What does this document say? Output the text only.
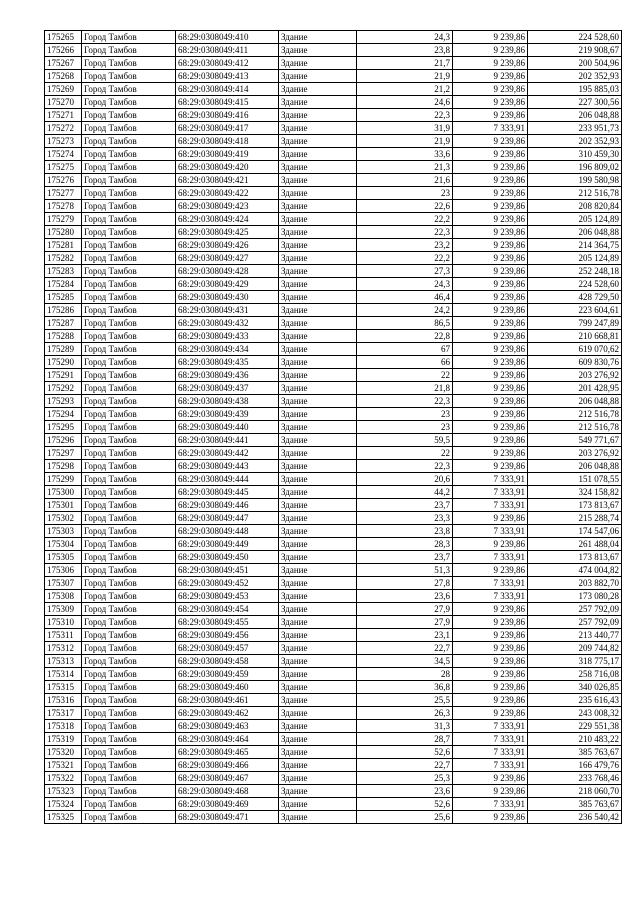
175265	Город Тамбов	68:29:0308049:410	Здание	24,3	9 239,86	224 528,60
175266	Город Тамбов	68:29:0308049:411	Здание	23,8	9 239,86	219 908,67
175267	Город Тамбов	68:29:0308049:412	Здание	21,7	9 239,86	200 504,96
175268	Город Тамбов	68:29:0308049:413	Здание	21,9	9 239,86	202 352,93
175269	Город Тамбов	68:29:0308049:414	Здание	21,2	9 239,86	195 885,03
175270	Город Тамбов	68:29:0308049:415	Здание	24,6	9 239,86	227 300,56
175271	Город Тамбов	68:29:0308049:416	Здание	22,3	9 239,86	206 048,88
175272	Город Тамбов	68:29:0308049:417	Здание	31,9	7 333,91	233 951,73
175273	Город Тамбов	68:29:0308049:418	Здание	21,9	9 239,86	202 352,93
175274	Город Тамбов	68:29:0308049:419	Здание	33,6	9 239,86	310 459,30
175275	Город Тамбов	68:29:0308049:420	Здание	21,3	9 239,86	196 809,02
175276	Город Тамбов	68:29:0308049:421	Здание	21,6	9 239,86	199 580,98
175277	Город Тамбов	68:29:0308049:422	Здание	23	9 239,86	212 516,78
175278	Город Тамбов	68:29:0308049:423	Здание	22,6	9 239,86	208 820,84
175279	Город Тамбов	68:29:0308049:424	Здание	22,2	9 239,86	205 124,89
175280	Город Тамбов	68:29:0308049:425	Здание	22,3	9 239,86	206 048,88
175281	Город Тамбов	68:29:0308049:426	Здание	23,2	9 239,86	214 364,75
175282	Город Тамбов	68:29:0308049:427	Здание	22,2	9 239,86	205 124,89
175283	Город Тамбов	68:29:0308049:428	Здание	27,3	9 239,86	252 248,18
175284	Город Тамбов	68:29:0308049:429	Здание	24,3	9 239,86	224 528,60
175285	Город Тамбов	68:29:0308049:430	Здание	46,4	9 239,86	428 729,50
175286	Город Тамбов	68:29:0308049:431	Здание	24,2	9 239,86	223 604,61
175287	Город Тамбов	68:29:0308049:432	Здание	86,5	9 239,86	799 247,89
175288	Город Тамбов	68:29:0308049:433	Здание	22,8	9 239,86	210 668,81
175289	Город Тамбов	68:29:0308049:434	Здание	67	9 239,86	619 070,62
175290	Город Тамбов	68:29:0308049:435	Здание	66	9 239,86	609 830,76
175291	Город Тамбов	68:29:0308049:436	Здание	22	9 239,86	203 276,92
175292	Город Тамбов	68:29:0308049:437	Здание	21,8	9 239,86	201 428,95
175293	Город Тамбов	68:29:0308049:438	Здание	22,3	9 239,86	206 048,88
175294	Город Тамбов	68:29:0308049:439	Здание	23	9 239,86	212 516,78
175295	Город Тамбов	68:29:0308049:440	Здание	23	9 239,86	212 516,78
175296	Город Тамбов	68:29:0308049:441	Здание	59,5	9 239,86	549 771,67
175297	Город Тамбов	68:29:0308049:442	Здание	22	9 239,86	203 276,92
175298	Город Тамбов	68:29:0308049:443	Здание	22,3	9 239,86	206 048,88
175299	Город Тамбов	68:29:0308049:444	Здание	20,6	7 333,91	151 078,55
175300	Город Тамбов	68:29:0308049:445	Здание	44,2	7 333,91	324 158,82
175301	Город Тамбов	68:29:0308049:446	Здание	23,7	7 333,91	173 813,67
175302	Город Тамбов	68:29:0308049:447	Здание	23,3	9 239,86	215 288,74
175303	Город Тамбов	68:29:0308049:448	Здание	23,8	7 333,91	174 547,06
175304	Город Тамбов	68:29:0308049:449	Здание	28,3	9 239,86	261 488,04
175305	Город Тамбов	68:29:0308049:450	Здание	23,7	7 333,91	173 813,67
175306	Город Тамбов	68:29:0308049:451	Здание	51,3	9 239,86	474 004,82
175307	Город Тамбов	68:29:0308049:452	Здание	27,8	7 333,91	203 882,70
175308	Город Тамбов	68:29:0308049:453	Здание	23,6	7 333,91	173 080,28
175309	Город Тамбов	68:29:0308049:454	Здание	27,9	9 239,86	257 792,09
175310	Город Тамбов	68:29:0308049:455	Здание	27,9	9 239,86	257 792,09
175311	Город Тамбов	68:29:0308049:456	Здание	23,1	9 239,86	213 440,77
175312	Город Тамбов	68:29:0308049:457	Здание	22,7	9 239,86	209 744,82
175313	Город Тамбов	68:29:0308049:458	Здание	34,5	9 239,86	318 775,17
175314	Город Тамбов	68:29:0308049:459	Здание	28	9 239,86	258 716,08
175315	Город Тамбов	68:29:0308049:460	Здание	36,8	9 239,86	340 026,85
175316	Город Тамбов	68:29:0308049:461	Здание	25,5	9 239,86	235 616,43
175317	Город Тамбов	68:29:0308049:462	Здание	26,3	9 239,86	243 008,32
175318	Город Тамбов	68:29:0308049:463	Здание	31,3	7 333,91	229 551,38
175319	Город Тамбов	68:29:0308049:464	Здание	28,7	7 333,91	210 483,22
175320	Город Тамбов	68:29:0308049:465	Здание	52,6	7 333,91	385 763,67
175321	Город Тамбов	68:29:0308049:466	Здание	22,7	7 333,91	166 479,76
175322	Город Тамбов	68:29:0308049:467	Здание	25,3	9 239,86	233 768,46
175323	Город Тамбов	68:29:0308049:468	Здание	23,6	9 239,86	218 060,70
175324	Город Тамбов	68:29:0308049:469	Здание	52,6	7 333,91	385 763,67
175325	Город Тамбов	68:29:0308049:471	Здание	25,6	9 239,86	236 540,42
